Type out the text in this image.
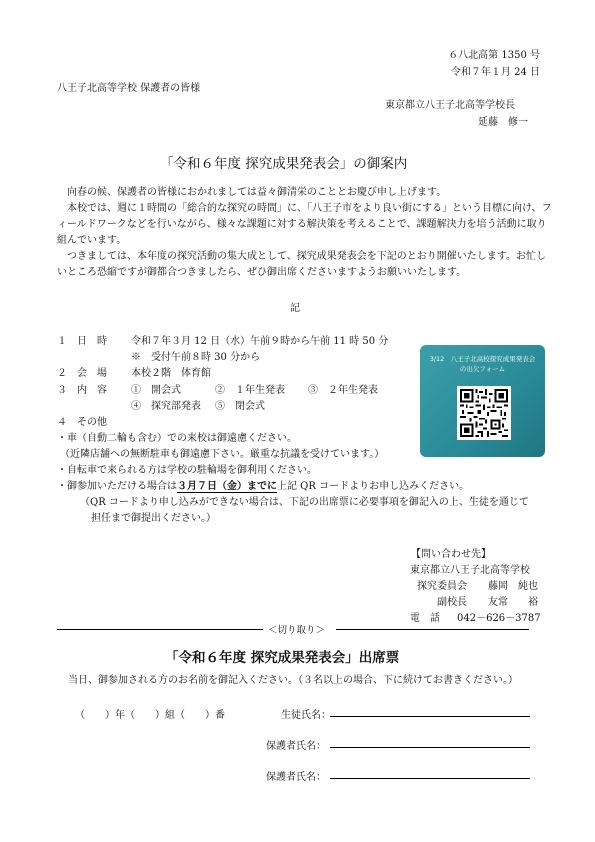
６八北高第 1350 号
令和７年１月 24 日
八王子北高等学校 保護者の皆様
東京都立八王子北高等学校長
延藤　修一
「令和６年度 探究成果発表会」の御案内
向春の候、保護者の皆様におかれましては益々御清栄のこととお慶び申し上げます。
本校では、週に１時間の「総合的な探究の時間」に、「八王子市をより良い街にする」という目標に向け、フィールドワークなどを行いながら、様々な課題に対する解決策を考えることで、課題解決力を培う活動に取り組んでいます。
つきましては、本年度の探究活動の集大成として、探究成果発表会を下記のとおり開催いたします。お忙しいところ恐縮ですが御都合つきましたら、ぜひ御出席くださいますようお願いいたします。
記
１　日　時 令和７年３月 12 日（水）午前９時から午前 11 時 50 分
※　受付午前８時 30 分から
２　会　場 本校２階　体育館
３　内　容 ①　開会式	②　１年生発表 ③　２年生発表
④　探究部発表 ⑤　閉会式
４　その他
・車（自動二輪も含む）での来校は御遠慮ください。
（近隣店舗への無断駐車も御遠慮下さい。厳重な抗議を受けています。）
・自転車で来られる方は学校の駐輪場を御利用ください。
・御参加いただける場合は３月７日（金）までに上記 QR コードよりお申し込みください。
（QR コードより申し込みができない場合は、下記の出席票に必要事項を御記入の上、生徒を通じて
担任まで御提出ください。）
3/12　八王子北高校探究成果発表会
の出欠フォーム
【問い合わせ先】
東京都立八王子北高等学校
探究委員会 藤岡　純也
副校長 友常　　裕
電　話 042－626－3787
＜切り取り＞
「令和６年度 探究成果発表会」出席票
当日、御参加される方のお名前を御記入ください。（３名以上の場合、下に続けてお書きください。）
（　　）年（　　）組（　　）番	生徒氏名：
保護者氏名：
保護者氏名：
